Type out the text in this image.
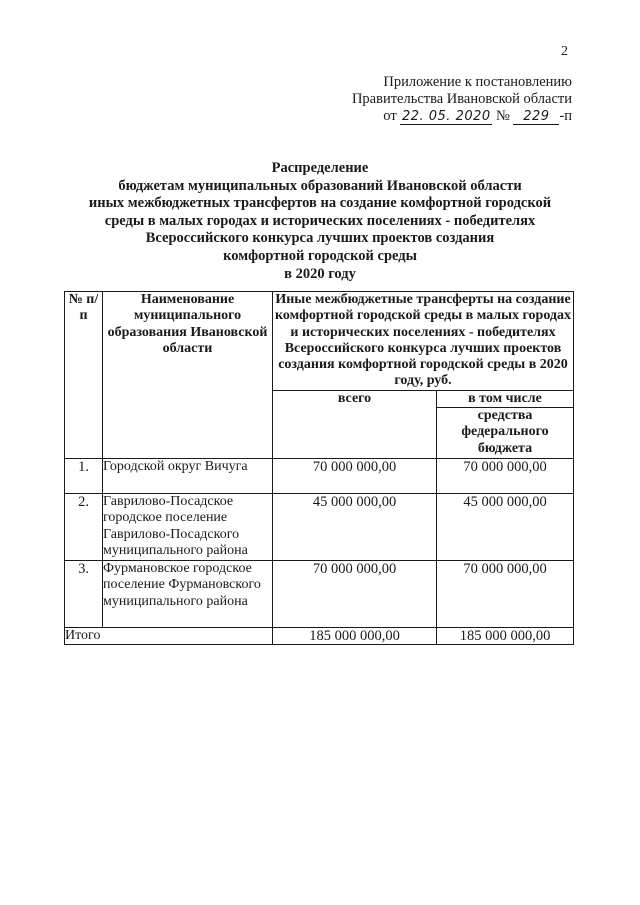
2
Приложение к постановлению
Правительства Ивановской области
от 22. 05. 2020 № 229 -п
Распределение
бюджетам муниципальных образований Ивановской области
иных межбюджетных трансфертов на создание комфортной городской
среды в малых городах и исторических поселениях - победителях
Всероссийского конкурса лучших проектов создания
комфортной городской среды
в 2020 году
№ п/п	Наименование муниципального образования Ивановской области	Иные межбюджетные трансферты на создание комфортной городской среды в малых городах и исторических поселениях - победителях Всероссийского конкурса лучших проектов создания комфортной городской среды в 2020 году, руб.	
		всего	в том числе
			средства федерального бюджета
1.	Городской округ Вичуга	70 000 000,00	70 000 000,00
2.	Гаврилово-Посадское городское поселение Гаврилово-Посадского муниципального района	45 000 000,00	45 000 000,00
3.	Фурмановское городское поселение Фурмановского муниципального района	70 000 000,00	70 000 000,00
Итого		185 000 000,00	185 000 000,00
